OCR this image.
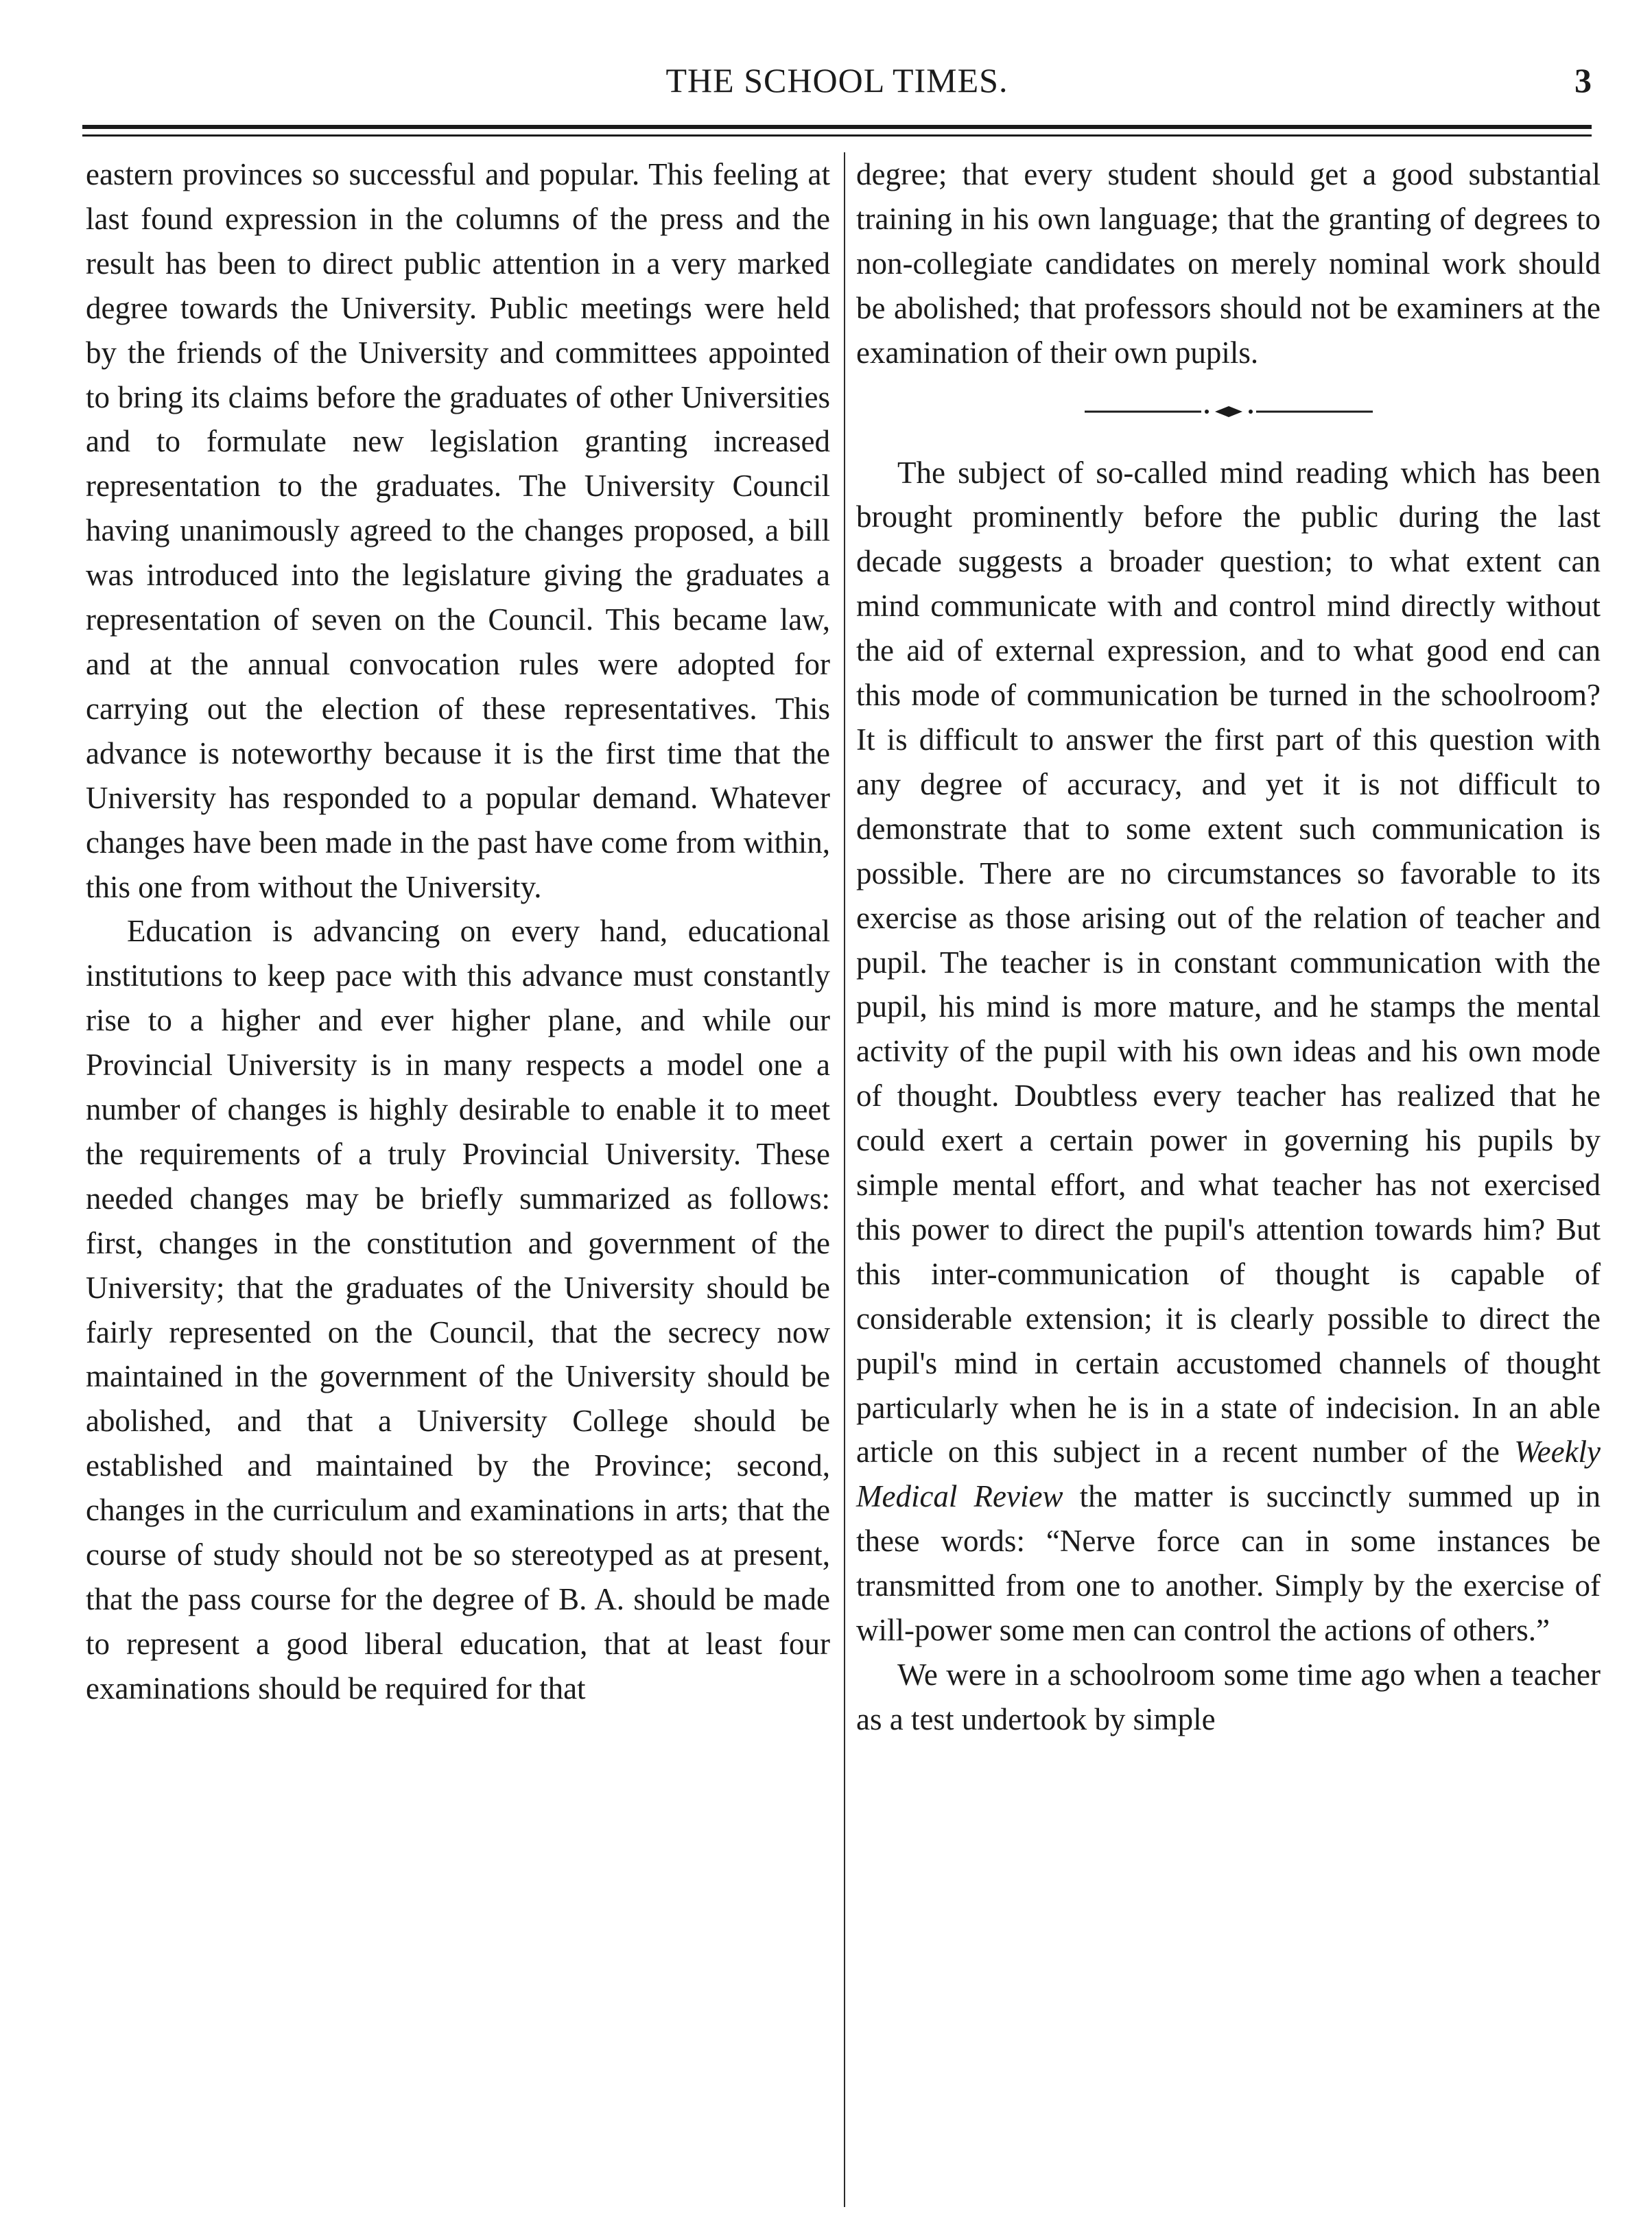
THE SCHOOL TIMES.	3

eastern provinces so successful and popular. This feeling at last found expression in the columns of the press and the result has been to direct public attention in a very marked degree towards the University. Public meetings were held by the friends of the University and committees appointed to bring its claims before the graduates of other Universities and to formulate new legislation granting increased representation to the graduates. The University Council having unanimously agreed to the changes proposed, a bill was introduced into the legislature giving the graduates a representation of seven on the Council. This became law, and at the annual convocation rules were adopted for carrying out the election of these representatives. This advance is noteworthy because it is the first time that the University has responded to a popular demand. Whatever changes have been made in the past have come from within, this one from without the University.

Education is advancing on every hand, educational institutions to keep pace with this advance must constantly rise to a higher and ever higher plane, and while our Provincial University is in many respects a model one a number of changes is highly desirable to enable it to meet the requirements of a truly Provincial University. These needed changes may be briefly summarized as follows: first, changes in the constitution and government of the University; that the graduates of the University should be fairly represented on the Council, that the secrecy now maintained in the government of the University should be abolished, and that a University College should be established and maintained by the Province; second, changes in the curriculum and examinations in arts; that the course of study should not be so stereotyped as at present, that the pass course for the degree of B. A. should be made to represent a good liberal education, that at least four examinations should be required for that

degree; that every student should get a good substantial training in his own language; that the granting of degrees to non-collegiate candidates on merely nominal work should be abolished; that professors should not be examiners at the examination of their own pupils.

The subject of so-called mind reading which has been brought prominently before the public during the last decade suggests a broader question; to what extent can mind communicate with and control mind directly without the aid of external expression, and to what good end can this mode of communication be turned in the schoolroom? It is difficult to answer the first part of this question with any degree of accuracy, and yet it is not difficult to demonstrate that to some extent such communication is possible. There are no circumstances so favorable to its exercise as those arising out of the relation of teacher and pupil. The teacher is in constant communication with the pupil, his mind is more mature, and he stamps the mental activity of the pupil with his own ideas and his own mode of thought. Doubtless every teacher has realized that he could exert a certain power in governing his pupils by simple mental effort, and what teacher has not exercised this power to direct the pupil's attention towards him? But this inter-communication of thought is capable of considerable extension; it is clearly possible to direct the pupil's mind in certain accustomed channels of thought particularly when he is in a state of indecision. In an able article on this subject in a recent number of the Weekly Medical Review the matter is succinctly summed up in these words: “Nerve force can in some instances be transmitted from one to another. Simply by the exercise of will-power some men can control the actions of others.”

We were in a schoolroom some time ago when a teacher as a test undertook by simple
